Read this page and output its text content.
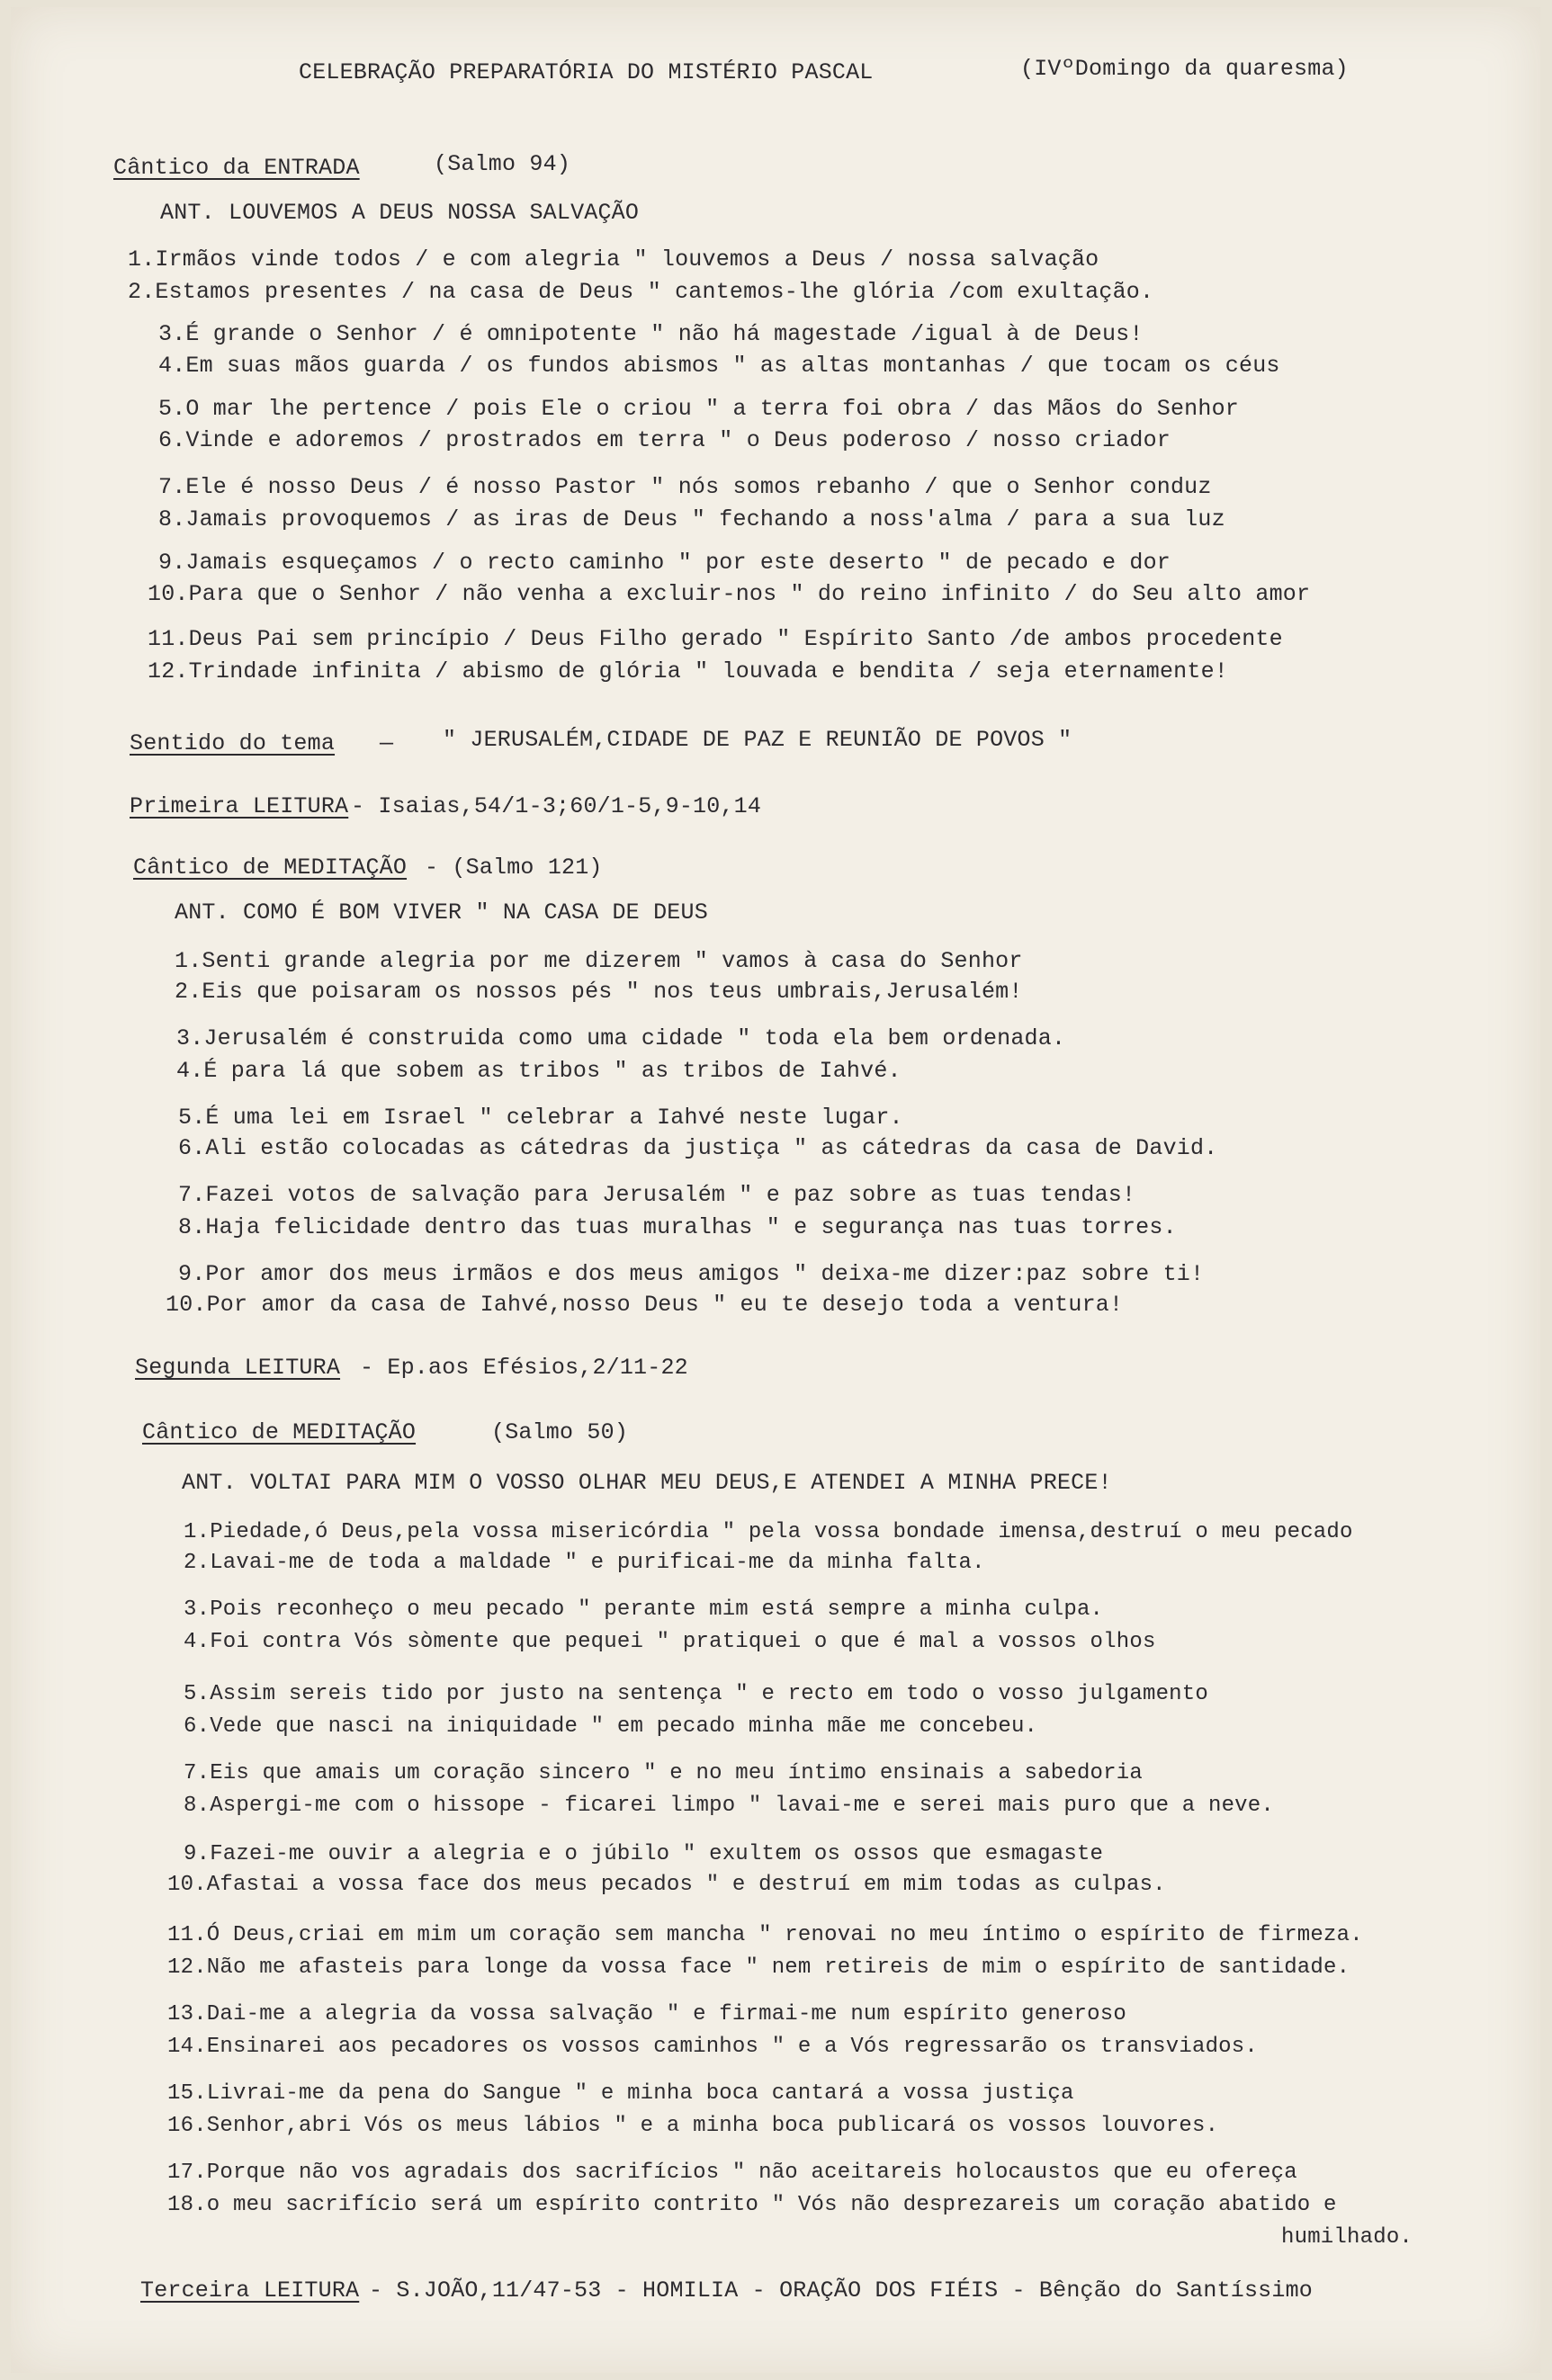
CELEBRAÇÃO PREPARATÓRIA DO MISTÉRIO PASCAL	(IVºDomingo da quaresma)
Cântico da ENTRADA	(Salmo 94)
ANT. LOUVEMOS A DEUS NOSSA SALVAÇÃO
1.Irmãos vinde todos / e com alegria " louvemos a Deus / nossa salvação
2.Estamos presentes / na casa de Deus " cantemos-lhe glória /com exultação.
3.É grande o Senhor / é omnipotente " não há magestade /igual à de Deus!
4.Em suas mãos guarda / os fundos abismos " as altas montanhas / que tocam os céus
5.O mar lhe pertence / pois Ele o criou " a terra foi obra / das Mãos do Senhor
6.Vinde e adoremos / prostrados em terra " o Deus poderoso / nosso criador
7.Ele é nosso Deus / é nosso Pastor " nós somos rebanho / que o Senhor conduz
8.Jamais provoquemos / as iras de Deus " fechando a noss'alma / para a sua luz
9.Jamais esqueçamos / o recto caminho " por este deserto " de pecado e dor
10.Para que o Senhor / não venha a excluir-nos " do reino infinito / do Seu alto amor
11.Deus Pai sem princípio / Deus Filho gerado " Espírito Santo /de ambos procedente
12.Trindade infinita / abismo de glória " louvada e bendita / seja eternamente!
Sentido do tema — " JERUSALÉM,CIDADE DE PAZ E REUNIÃO DE POVOS "
Primeira LEITURA - Isaias,54/1-3;60/1-5,9-10,14
Cântico de MEDITAÇÃO - (Salmo 121)
ANT. COMO É BOM VIVER " NA CASA DE DEUS
1.Senti grande alegria por me dizerem " vamos à casa do Senhor
2.Eis que poisaram os nossos pés " nos teus umbrais,Jerusalém!
3.Jerusalém é construida como uma cidade " toda ela bem ordenada.
4.É para lá que sobem as tribos " as tribos de Iahvé.
5.É uma lei em Israel " celebrar a Iahvé neste lugar.
6.Ali estão colocadas as cátedras da justiça " as cátedras da casa de David.
7.Fazei votos de salvação para Jerusalém " e paz sobre as tuas tendas!
8.Haja felicidade dentro das tuas muralhas " e segurança nas tuas torres.
9.Por amor dos meus irmãos e dos meus amigos " deixa-me dizer:paz sobre ti!
10.Por amor da casa de Iahvé,nosso Deus " eu te desejo toda a ventura!
Segunda LEITURA - Ep.aos Efésios,2/11-22
Cântico de MEDITAÇÃO	(Salmo 50)
ANT. VOLTAI PARA MIM O VOSSO OLHAR MEU DEUS,E ATENDEI A MINHA PRECE!
1.Piedade,ó Deus,pela vossa misericórdia " pela vossa bondade imensa,destruí o meu pecado
2.Lavai-me de toda a maldade " e purificai-me da minha falta.
3.Pois reconheço o meu pecado " perante mim está sempre a minha culpa.
4.Foi contra Vós sòmente que pequei " pratiquei o que é mal a vossos olhos
5.Assim sereis tido por justo na sentença " e recto em todo o vosso julgamento
6.Vede que nasci na iniquidade " em pecado minha mãe me concebeu.
7.Eis que amais um coração sincero " e no meu íntimo ensinais a sabedoria
8.Aspergi-me com o hissope - ficarei limpo " lavai-me e serei mais puro que a neve.
9.Fazei-me ouvir a alegria e o júbilo " exultem os ossos que esmagaste
10.Afastai a vossa face dos meus pecados " e destruí em mim todas as culpas.
11.Ó Deus,criai em mim um coração sem mancha " renovai no meu íntimo o espírito de firmeza.
12.Não me afasteis para longe da vossa face " nem retireis de mim o espírito de santidade.
13.Dai-me a alegria da vossa salvação " e firmai-me num espírito generoso
14.Ensinarei aos pecadores os vossos caminhos " e a Vós regressarão os transviados.
15.Livrai-me da pena do Sangue " e minha boca cantará a vossa justiça
16.Senhor,abri Vós os meus lábios " e a minha boca publicará os vossos louvores.
17.Porque não vos agradais dos sacrifícios " não aceitareis holocaustos que eu ofereça
18.o meu sacrifício será um espírito contrito " Vós não desprezareis um coração abatido e
humilhado.
Terceira LEITURA - S.JOÃO,11/47-53 - HOMILIA - ORAÇÃO DOS FIÉIS - Bênção do Santíssimo
